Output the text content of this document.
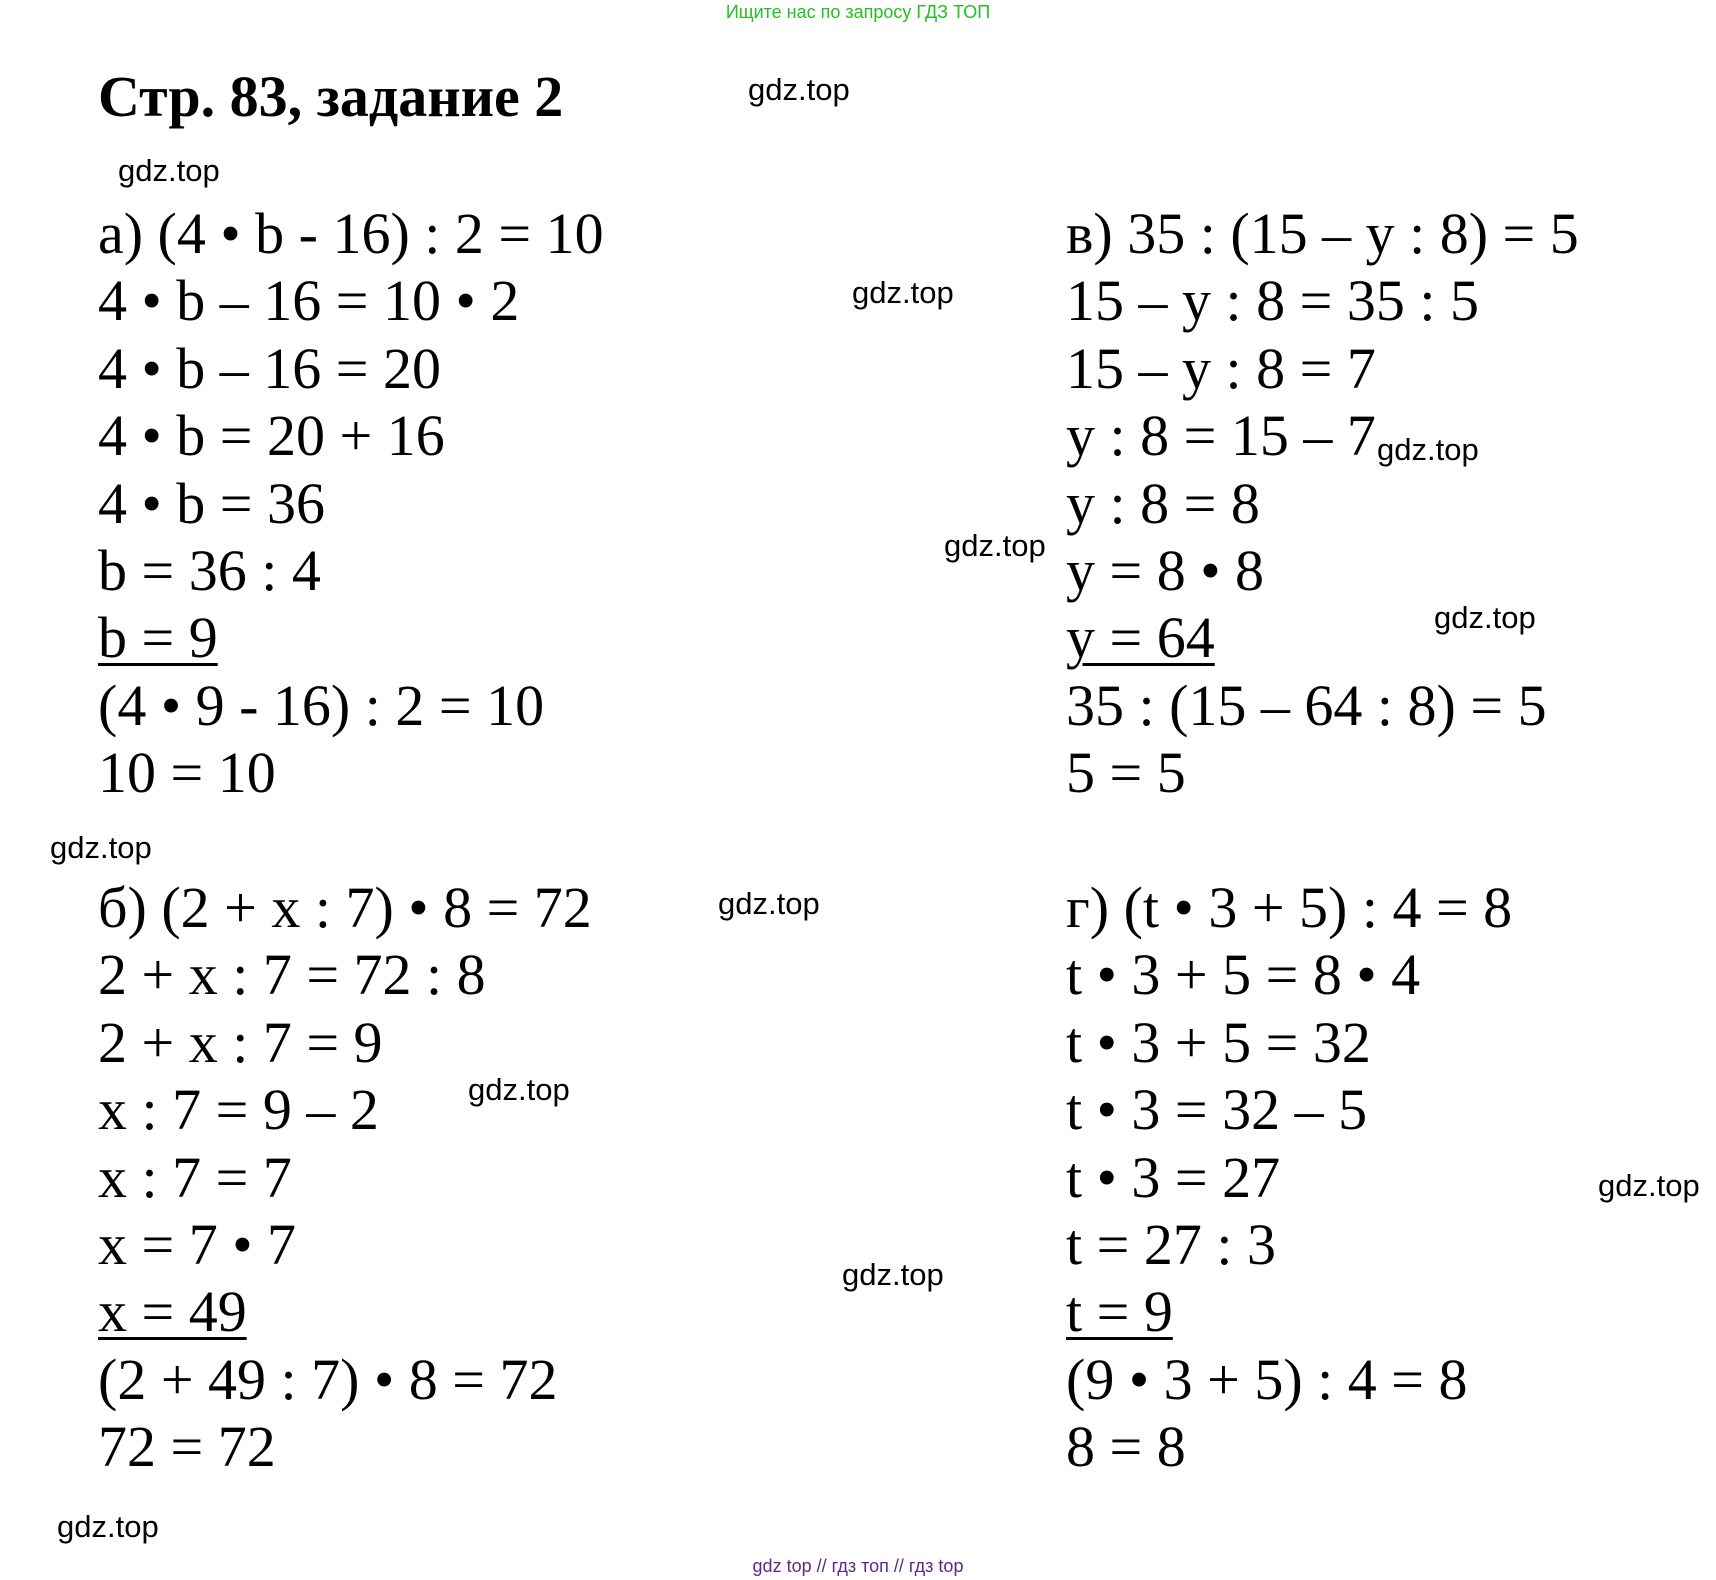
Ищите нас по запросу ГДЗ ТОП
Стр. 83, задание 2
а) (4 • b - 16) : 2 = 10
4 • b – 16 = 10 • 2
4 • b – 16 = 20
4 • b = 20 + 16
4 • b = 36
b = 36 : 4
b = 9
(4 • 9 - 16) : 2 = 10
10 = 10
в) 35 : (15 – y : 8) = 5
15 – y : 8 = 35 : 5
15 – y : 8 = 7
y : 8 = 15 – 7
y : 8 = 8
y = 8 • 8
y = 64
35 : (15 – 64 : 8) = 5
5 = 5
б) (2 + x : 7) • 8 = 72
2 + x : 7 = 72 : 8
2 + x : 7 = 9
x : 7 = 9 – 2
x : 7 = 7
x = 7 • 7
x = 49
(2 + 49 : 7) • 8 = 72
72 = 72
г) (t • 3 + 5) : 4 = 8
t • 3 + 5 = 8 • 4
t • 3 + 5 = 32
t • 3 = 32 – 5
t • 3 = 27
t = 27 : 3
t = 9
(9 • 3 + 5) : 4 = 8
8 = 8
gdz.top
gdz.top
gdz.top
gdz.top
gdz.top
gdz.top
gdz.top
gdz.top
gdz.top
gdz.top
gdz.top
gdz.top
gdz top // гдз топ // гдз top
